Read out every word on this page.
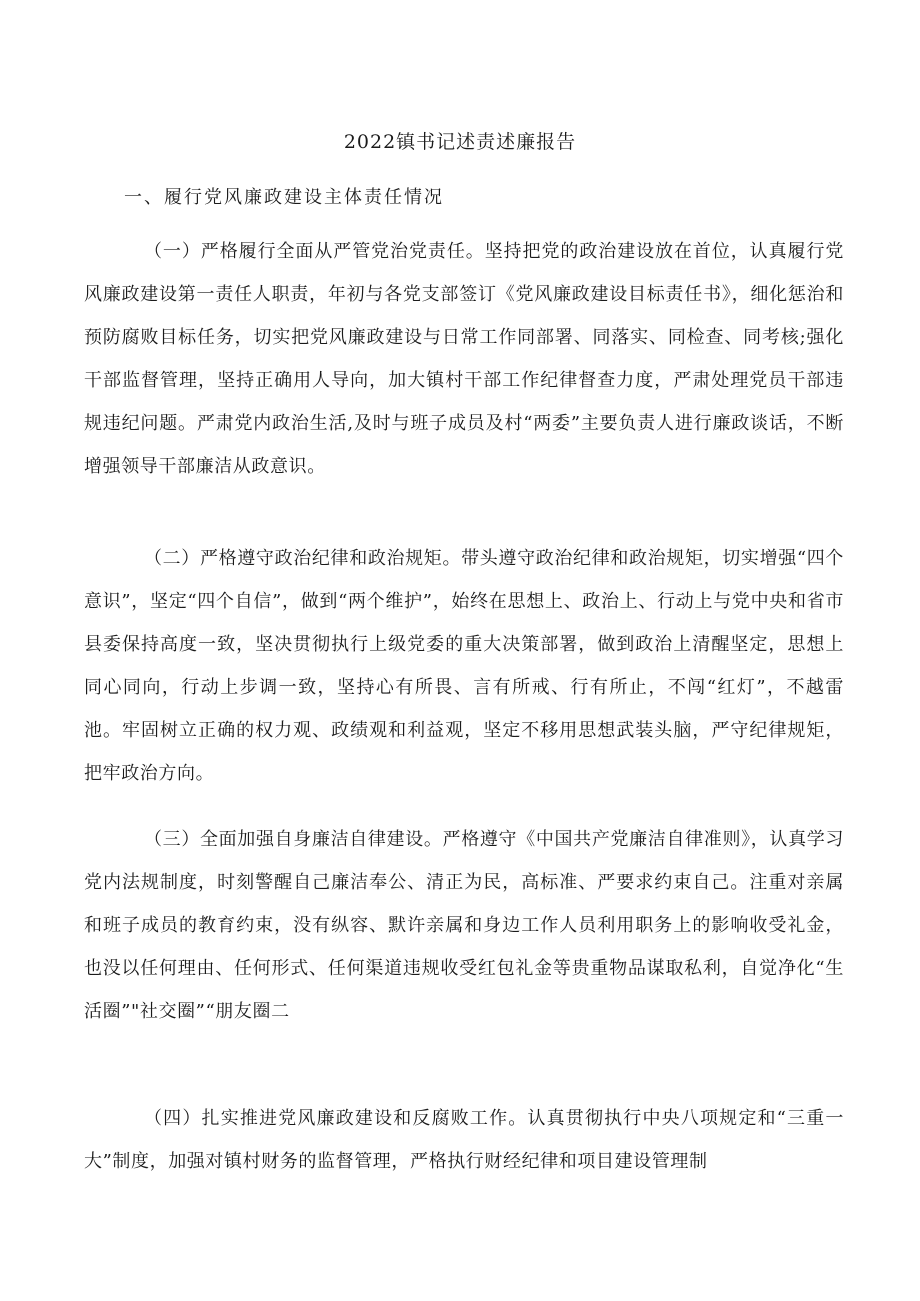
2022镇书记述责述廉报告
一、履行党风廉政建设主体责任情况

（一）严格履行全面从严管党治党责任。坚持把党的政治建设放在首位，认真履行党风廉政建设第一责任人职责，年初与各党支部签订《党风廉政建设目标责任书》，细化惩治和预防腐败目标任务，切实把党风廉政建设与日常工作同部署、同落实、同检查、同考核;强化干部监督管理，坚持正确用人导向，加大镇村干部工作纪律督查力度，严肃处理党员干部违规违纪问题。严肃党内政治生活,及时与班子成员及村“两委”主要负责人进行廉政谈话，不断增强领导干部廉洁从政意识。

（二）严格遵守政治纪律和政治规矩。带头遵守政治纪律和政治规矩，切实增强“四个意识”，坚定“四个自信”，做到“两个维护”，始终在思想上、政治上、行动上与党中央和省市县委保持高度一致，坚决贯彻执行上级党委的重大决策部署，做到政治上清醒坚定，思想上同心同向，行动上步调一致，坚持心有所畏、言有所戒、行有所止，不闯“红灯”，不越雷池。牢固树立正确的权力观、政绩观和利益观，坚定不移用思想武装头脑，严守纪律规矩，把牢政治方向。

（三）全面加强自身廉洁自律建设。严格遵守《中国共产党廉洁自律准则》，认真学习党内法规制度，时刻警醒自己廉洁奉公、清正为民，高标准、严要求约束自己。注重对亲属和班子成员的教育约束，没有纵容、默许亲属和身边工作人员利用职务上的影响收受礼金，也没以任何理由、任何形式、任何渠道违规收受红包礼金等贵重物品谋取私利，自觉净化“生活圈”"社交圈”“朋友圈二

（四）扎实推进党风廉政建设和反腐败工作。认真贯彻执行中央八项规定和“三重一大”制度，加强对镇村财务的监督管理，严格执行财经纪律和项目建设管理制
